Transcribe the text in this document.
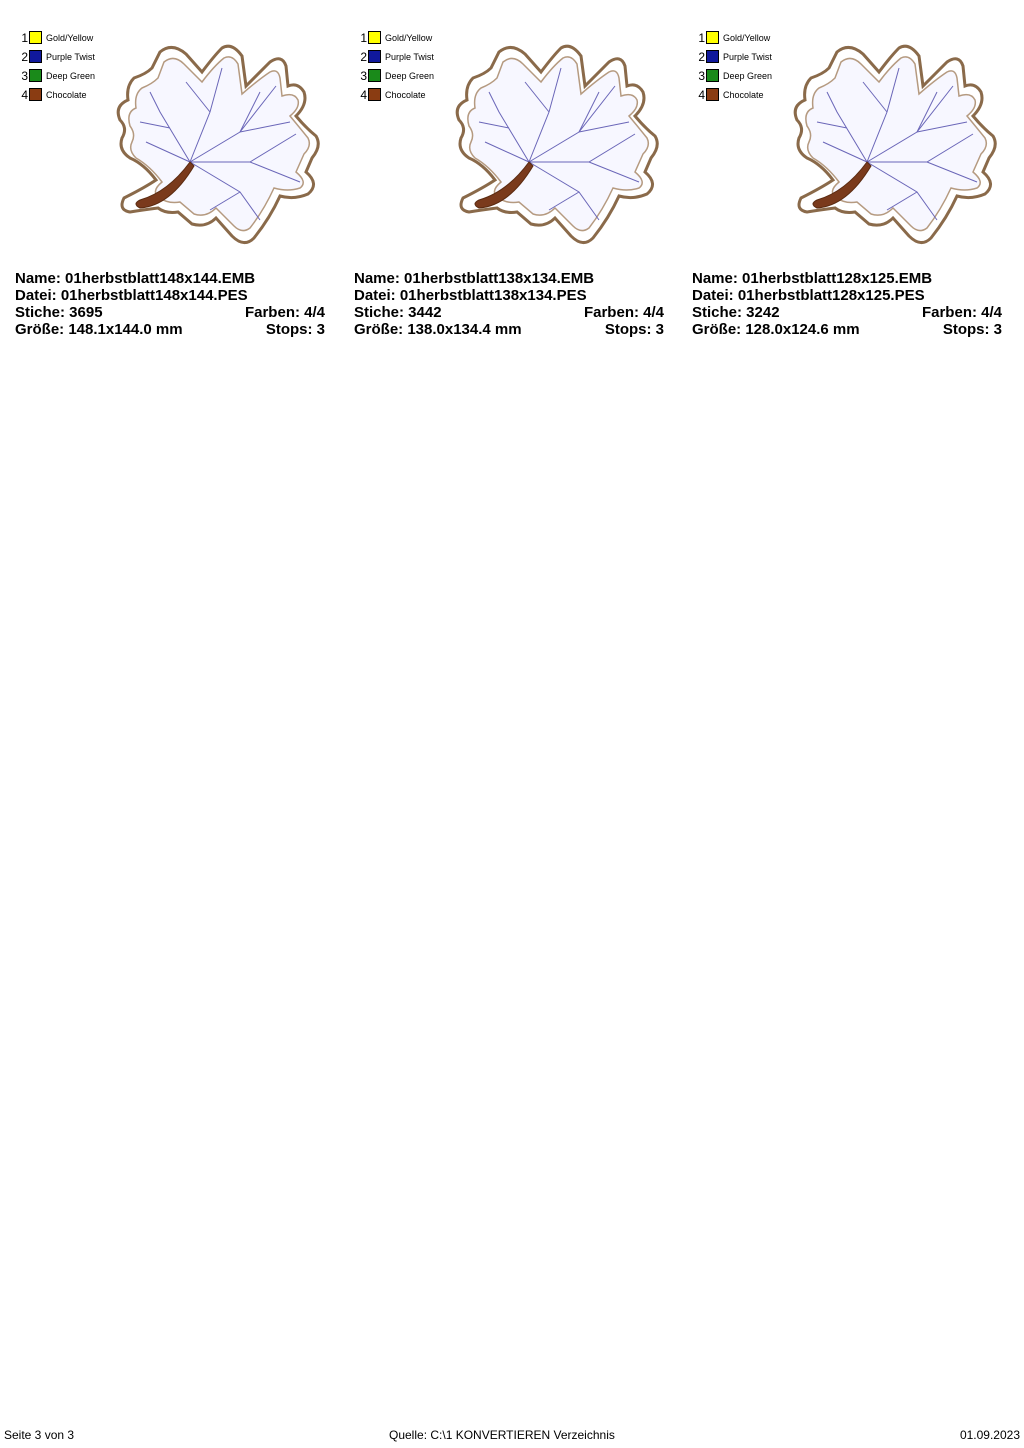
1 Gold/Yellow
2 Purple Twist
3 Deep Green
4 Chocolate
Name: 01herbstblatt148x144.EMB
Datei: 01herbstblatt148x144.PES
Stiche: 3695	Farben: 4/4
Größe: 148.1x144.0 mm	Stops: 3
1 Gold/Yellow
2 Purple Twist
3 Deep Green
4 Chocolate
Name: 01herbstblatt138x134.EMB
Datei: 01herbstblatt138x134.PES
Stiche: 3442	Farben: 4/4
Größe: 138.0x134.4 mm	Stops: 3
1 Gold/Yellow
2 Purple Twist
3 Deep Green
4 Chocolate
Name: 01herbstblatt128x125.EMB
Datei: 01herbstblatt128x125.PES
Stiche: 3242	Farben: 4/4
Größe: 128.0x124.6 mm	Stops: 3
Seite 3 von 3	Quelle: C:\1 KONVERTIEREN Verzeichnis	01.09.2023
